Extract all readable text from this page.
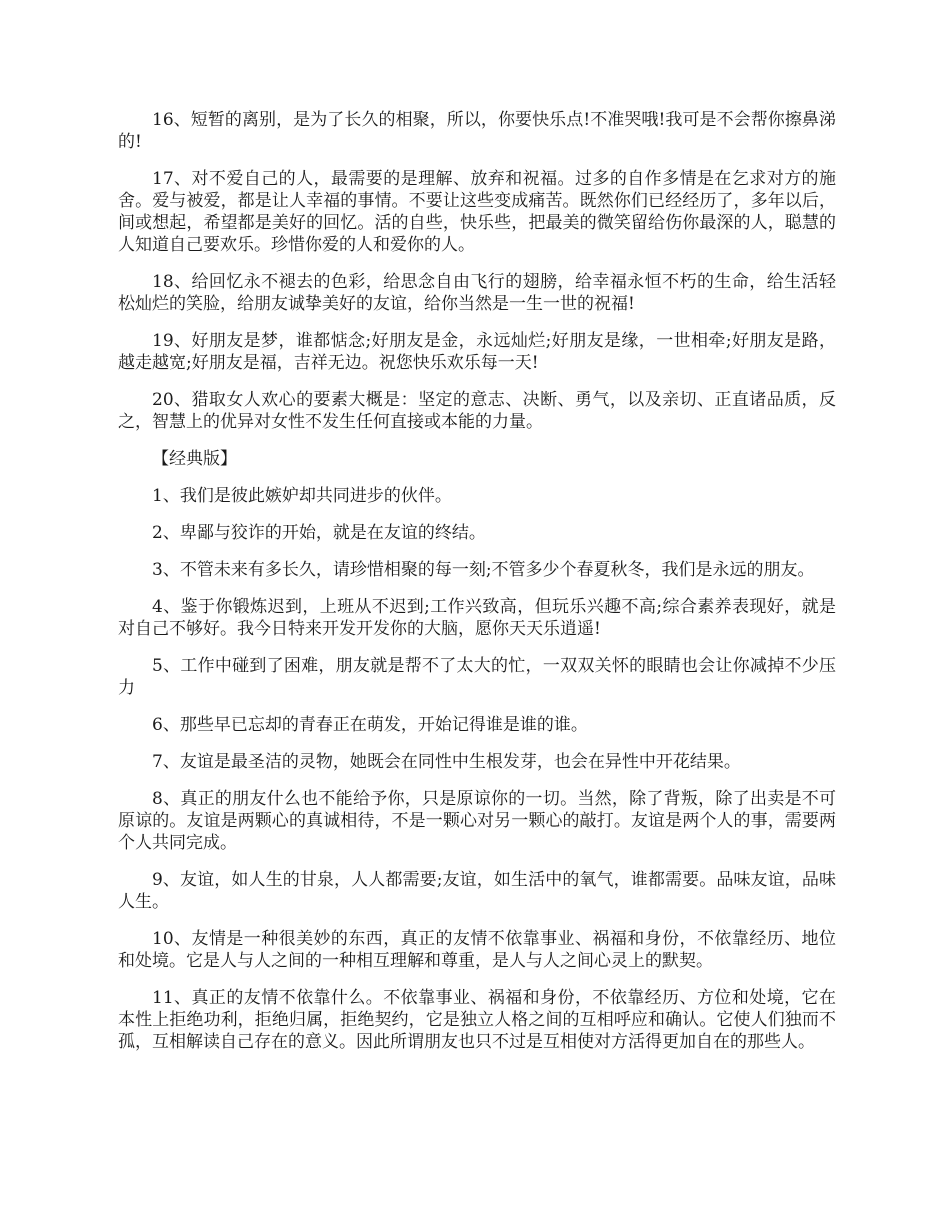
16、短暂的离别，是为了长久的相聚，所以，你要快乐点!不准哭哦!我可是不会帮你擦鼻涕的!

17、对不爱自己的人，最需要的是理解、放弃和祝福。过多的自作多情是在乞求对方的施舍。爱与被爱，都是让人幸福的事情。不要让这些变成痛苦。既然你们已经经历了，多年以后，间或想起，希望都是美好的回忆。活的自些，快乐些，把最美的微笑留给伤你最深的人，聪慧的人知道自己要欢乐。珍惜你爱的人和爱你的人。

18、给回忆永不褪去的色彩，给思念自由飞行的翅膀，给幸福永恒不朽的生命，给生活轻松灿烂的笑脸，给朋友诚挚美好的友谊，给你当然是一生一世的祝福!

19、好朋友是梦，谁都惦念;好朋友是金，永远灿烂;好朋友是缘，一世相牵;好朋友是路，越走越宽;好朋友是福，吉祥无边。祝您快乐欢乐每一天!

20、猎取女人欢心的要素大概是：坚定的意志、决断、勇气，以及亲切、正直诸品质，反之，智慧上的优异对女性不发生任何直接或本能的力量。

【经典版】

1、我们是彼此嫉妒却共同进步的伙伴。

2、卑鄙与狡诈的开始，就是在友谊的终结。

3、不管未来有多长久，请珍惜相聚的每一刻;不管多少个春夏秋冬，我们是永远的朋友。

4、鉴于你锻炼迟到，上班从不迟到;工作兴致高，但玩乐兴趣不高;综合素养表现好，就是对自己不够好。我今日特来开发开发你的大脑，愿你天天乐逍遥!

5、工作中碰到了困难，朋友就是帮不了太大的忙，一双双关怀的眼睛也会让你减掉不少压力

6、那些早已忘却的青春正在萌发，开始记得谁是谁的谁。

7、友谊是最圣洁的灵物，她既会在同性中生根发芽，也会在异性中开花结果。

8、真正的朋友什么也不能给予你，只是原谅你的一切。当然，除了背叛，除了出卖是不可原谅的。友谊是两颗心的真诚相待，不是一颗心对另一颗心的敲打。友谊是两个人的事，需要两个人共同完成。

9、友谊，如人生的甘泉，人人都需要;友谊，如生活中的氧气，谁都需要。品味友谊，品味人生。

10、友情是一种很美妙的东西，真正的友情不依靠事业、祸福和身份，不依靠经历、地位和处境。它是人与人之间的一种相互理解和尊重，是人与人之间心灵上的默契。

11、真正的友情不依靠什么。不依靠事业、祸福和身份，不依靠经历、方位和处境，它在本性上拒绝功利，拒绝归属，拒绝契约，它是独立人格之间的互相呼应和确认。它使人们独而不孤，互相解读自己存在的意义。因此所谓朋友也只不过是互相使对方活得更加自在的那些人。
